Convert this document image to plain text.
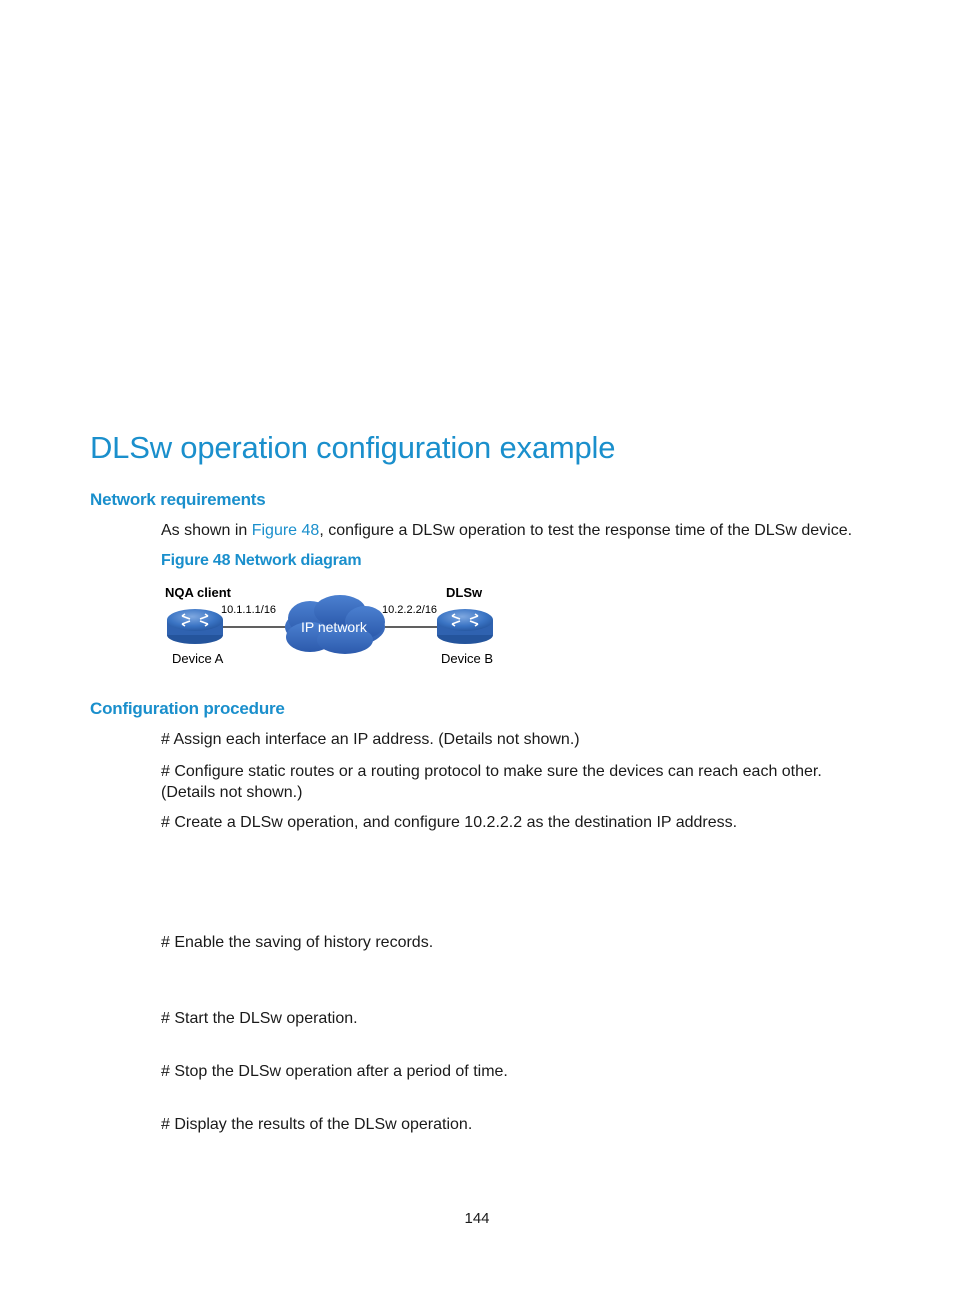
DLSw operation configuration example
Network requirements
As shown in Figure 48, configure a DLSw operation to test the response time of the DLSw device.
Figure 48 Network diagram
NQA client	DLSw
10.1.1.1/16	10.2.2.2/16
IP network
Device A	Device B
Configuration procedure
# Assign each interface an IP address. (Details not shown.)
# Configure static routes or a routing protocol to make sure the devices can reach each other. (Details not shown.)
# Create a DLSw operation, and configure 10.2.2.2 as the destination IP address.
# Enable the saving of history records.
# Start the DLSw operation.
# Stop the DLSw operation after a period of time.
# Display the results of the DLSw operation.
144
